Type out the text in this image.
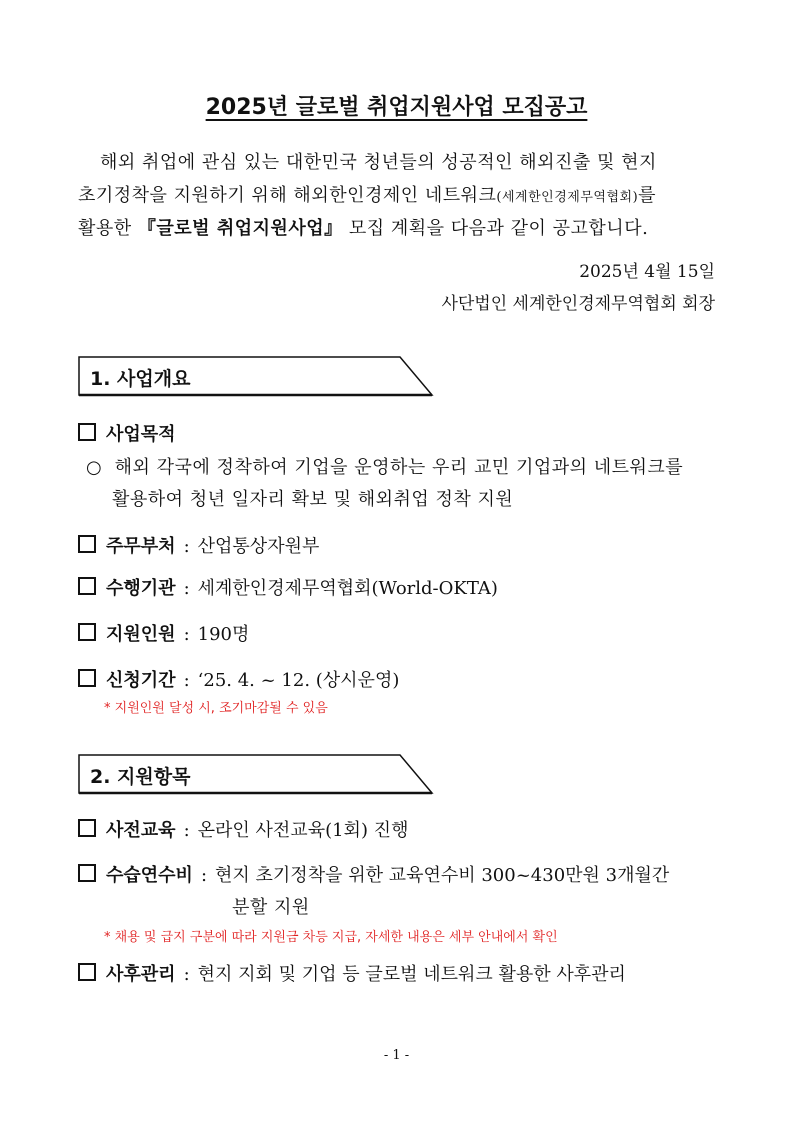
2025년 글로벌 취업지원사업 모집공고
해외 취업에 관심 있는 대한민국 청년들의 성공적인 해외진출 및 현지
초기정착을 지원하기 위해 해외한인경제인 네트워크(세계한인경제무역협회)를
활용한 『글로벌 취업지원사업』 모집 계획을 다음과 같이 공고합니다.
2025년 4월 15일
사단법인 세계한인경제무역협회 회장
1. 사업개요
사업목적
○ 해외 각국에 정착하여 기업을 운영하는 우리 교민 기업과의 네트워크를
활용하여 청년 일자리 확보 및 해외취업 정착 지원
주무부처 : 산업통상자원부
수행기관 : 세계한인경제무역협회(World-OKTA)
지원인원 : 190명
신청기간 : ‘25. 4. ~ 12. (상시운영)
* 지원인원 달성 시, 조기마감될 수 있음
2. 지원항목
사전교육 : 온라인 사전교육(1회) 진행
수습연수비 : 현지 초기정착을 위한 교육연수비 300~430만원 3개월간
분할 지원
* 채용 및 급지 구분에 따라 지원금 차등 지급, 자세한 내용은 세부 안내에서 확인
사후관리 : 현지 지회 및 기업 등 글로벌 네트워크 활용한 사후관리
- 1 -
